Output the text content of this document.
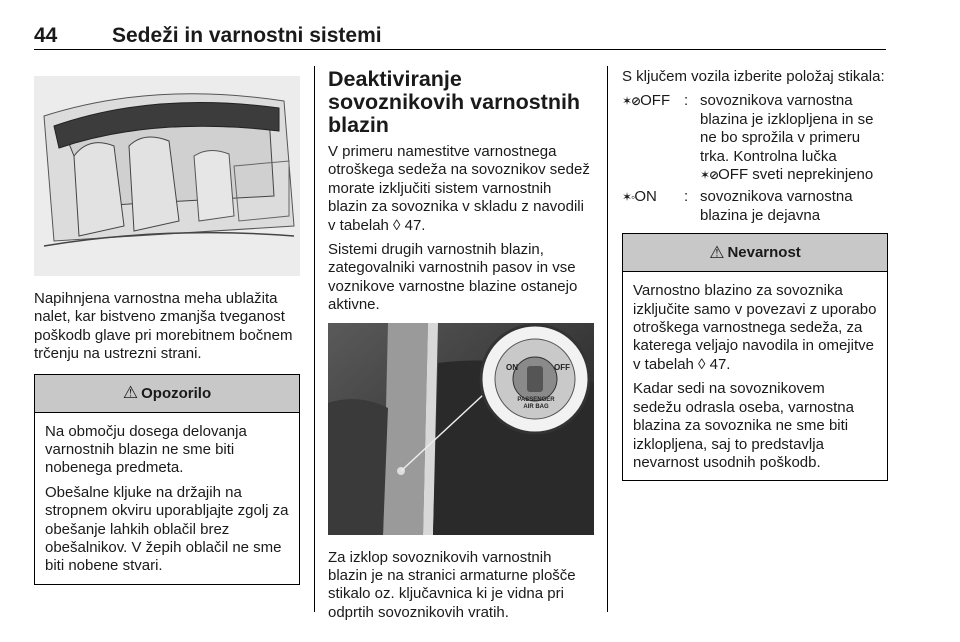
44	Sedeži in varnostni sistemi
Napihnjena varnostna meha ublažita nalet, kar bistveno zmanjša tveganost poškodb glave pri morebitnem bočnem trčenju na ustrezni strani.
⚠ Opozorilo

Na območju dosega delovanja varnostnih blazin ne sme biti nobenega predmeta.

Obešalne kljuke na držajih na stropnem okviru uporabljajte zgolj za obešanje lahkih oblačil brez obešalnikov. V žepih oblačil ne sme biti nobene stvari.

Deaktiviranje sovoznikovih varnostnih blazin

V primeru namestitve varnostnega otroškega sedeža na sovoznikov sedež morate izključiti sistem varnostnih blazin za sovoznika v skladu z navodili v tabelah ◊ 47.

Sistemi drugih varnostnih blazin, zategovalniki varnostnih pasov in vse voznikove varnostne blazine ostanejo aktivne.

ON	OFF
PASSENGER AIR BAG

Za izklop sovoznikovih varnostnih blazin je na stranici armaturne plošče stikalo oz. ključavnica ki je vidna pri odprtih sovoznikovih vratih.

S ključem vozila izberite položaj stikala:

✶⊘OFF : sovoznikova varnostna blazina je izklopljena in se ne bo sprožila v primeru trka. Kontrolna lučka
✶⊘OFF sveti neprekinjeno
✶◦ON	: sovoznikova varnostna blazina je dejavna
⚠ Nevarnost

Varnostno blazino za sovoznika izključite samo v povezavi z uporabo otroškega varnostnega sedeža, za katerega veljajo navodila in omejitve v tabelah ◊ 47.

Kadar sedi na sovoznikovem sedežu odrasla oseba, varnostna blazina za sovoznika ne sme biti izklopljena, saj to predstavlja nevarnost usodnih poškodb.
